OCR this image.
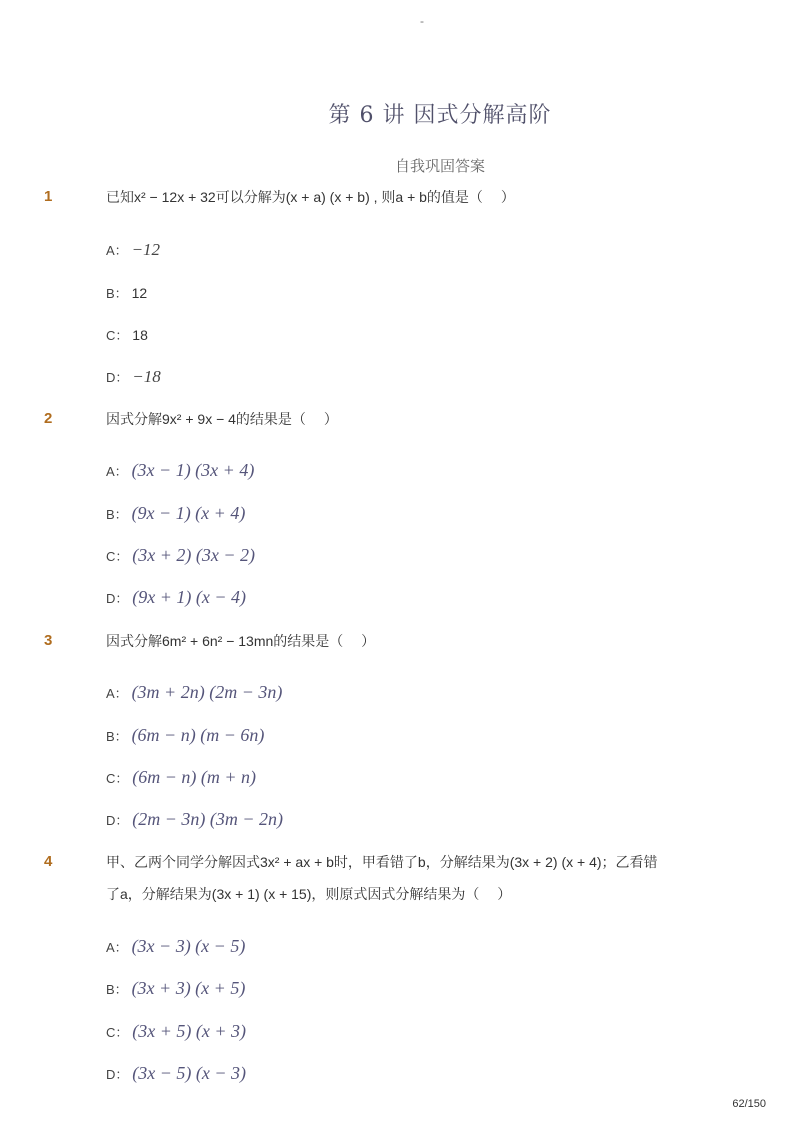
-
第 6 讲 因式分解高阶
自我巩固答案
1	已知x² − 12x + 32可以分解为(x + a) (x + b) , 则a + b的值是（　 ）
A： −12
B： 12
C： 18
D： −18
2	因式分解9x² + 9x − 4的结果是（　 ）
A： (3x − 1) (3x + 4)
B： (9x − 1) (x + 4)
C： (3x + 2) (3x − 2)
D： (9x + 1) (x − 4)
3	因式分解6m² + 6n² − 13mn的结果是（　 ）
A： (3m + 2n) (2m − 3n)
B： (6m − n) (m − 6n)
C： (6m − n) (m + n)
D： (2m − 3n) (3m − 2n)
4	甲、乙两个同学分解因式3x² + ax + b时，甲看错了b，分解结果为(3x + 2) (x + 4)；乙看错
了a，分解结果为(3x + 1) (x + 15)，则原式因式分解结果为（　 ）
A： (3x − 3) (x − 5)
B： (3x + 3) (x + 5)
C： (3x + 5) (x + 3)
D： (3x − 5) (x − 3)
62/150
